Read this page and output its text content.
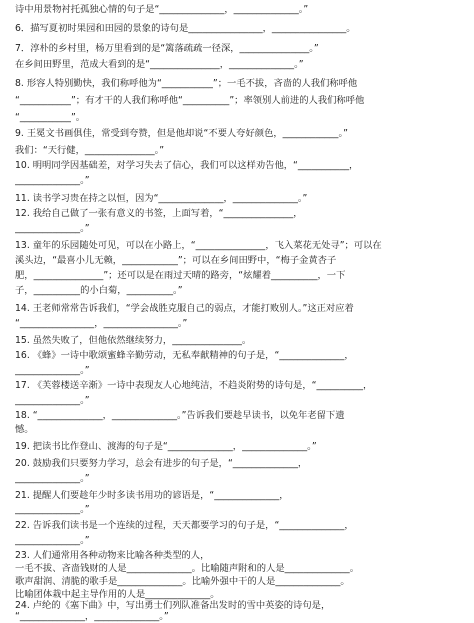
诗中用景物衬托孤独心情的句子是“______________，______________。”
6．描写夏初时果园和田园的景象的诗句是________________，________________。
7．淳朴的乡村里，杨万里看到的是“篱落疏疏一径深，_______________。”
在乡间田野里，范成大看到的是“_______________，______________。”
8. 形容人特别勤快，我们称呼他为“___________”；一毛不拔，吝啬的人我们称呼他
“___________”；有才干的人我们称呼他“__________”；率领别人前进的人我们称呼他
“___________”。
9. 王冕文书画俱佳，常受到夸赞，但是他却说“不要人夸好颜色，____________。”
我们：“天行健，_______________。”
10. 明明同学因基础差，对学习失去了信心，我们可以这样劝告他，“___________，
______________。”
11. 读书学习贵在持之以恒，因为“______________，______________。”
12. 我给自己做了一张有意义的书签，上面写着，“_______________，
______________。”
13. 童年的乐园随处可见，可以在小路上，“_______________，飞入菜花无处寻”；可以在
溪头边，“最喜小儿无赖，____________”；可以在乡间田野中，“梅子金黄杏子
肥，_______________”；还可以是在雨过天晴的路旁，“炫耀着__________，一下
子，__________的小白菊，__________。”
14. 王老师常常告诉我们，“学会战胜克服自己的弱点，才能打败别人。”这正对应着
“________________，________________。”
15. 虽然失败了，但他依然继续努力，_______________。
16. 《蜂》一诗中歌颂蜜蜂辛勤劳动，无私奉献精神的句子是，“______________，
______________。”
17. 《芙蓉楼送辛渐》一诗中表现友人心地纯洁，不趋炎附势的诗句是，“__________，
______________。”
18. “______________，______________。”告诉我们要趁早读书，以免年老留下遗
憾。
19. 把读书比作登山、渡海的句子是“______________，______________。”
20. 鼓励我们只要努力学习，总会有进步的句子是，“______________，
______________。”
21. 提醒人们要趁年少时多读书用功的谚语是，“______________，
______________。”
22. 告诉我们读书是一个连续的过程，天天都要学习的句子是，“______________，
______________。”
23. 人们通常用各种动物来比喻各种类型的人，
一毛不拔、吝啬钱财的人是______________。比喻随声附和的人是______________。
歌声甜润、清脆的歌手是______________。比喻外强中干的人是______________。
比喻团体栽中起主导作用的人是______________。
24. 卢纶的《塞下曲》中，写出勇士们列队准备出发时的雪中英姿的诗句是，
“______________，______________。”
